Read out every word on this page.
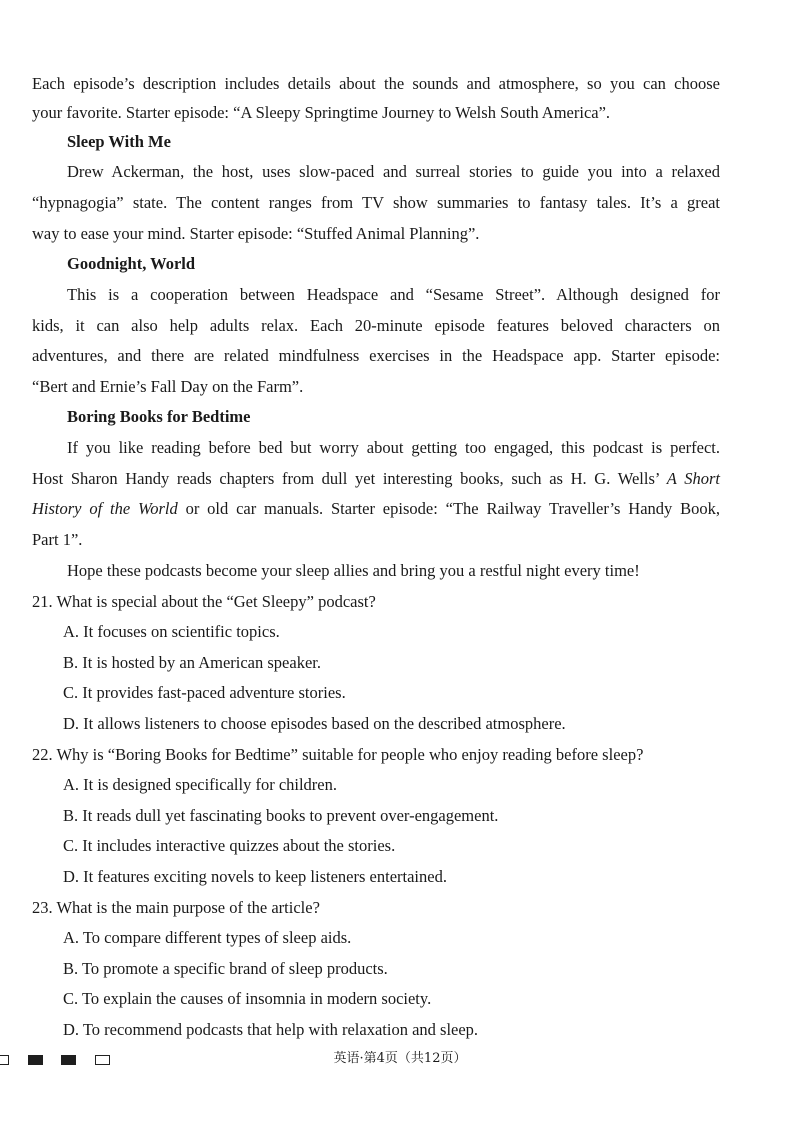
Each episode’s description includes details about the sounds and atmosphere, so you can choose
your favorite. Starter episode: “A Sleepy Springtime Journey to Welsh South America”.
Sleep With Me
Drew Ackerman, the host, uses slow-paced and surreal stories to guide you into a relaxed
“hypnagogia” state. The content ranges from TV show summaries to fantasy tales. It’s a great
way to ease your mind. Starter episode: “Stuffed Animal Planning”.
Goodnight, World
This is a cooperation between Headspace and “Sesame Street”. Although designed for
kids, it can also help adults relax. Each 20-minute episode features beloved characters on
adventures, and there are related mindfulness exercises in the Headspace app. Starter episode:
“Bert and Ernie’s Fall Day on the Farm”.
Boring Books for Bedtime
If you like reading before bed but worry about getting too engaged, this podcast is perfect.
Host Sharon Handy reads chapters from dull yet interesting books, such as H. G. Wells’ A Short
History of the World or old car manuals. Starter episode: “The Railway Traveller’s Handy Book,
Part 1”.
Hope these podcasts become your sleep allies and bring you a restful night every time!
21. What is special about the “Get Sleepy” podcast?
A. It focuses on scientific topics.
B. It is hosted by an American speaker.
C. It provides fast-paced adventure stories.
D. It allows listeners to choose episodes based on the described atmosphere.
22. Why is “Boring Books for Bedtime” suitable for people who enjoy reading before sleep?
A. It is designed specifically for children.
B. It reads dull yet fascinating books to prevent over-engagement.
C. It includes interactive quizzes about the stories.
D. It features exciting novels to keep listeners entertained.
23. What is the main purpose of the article?
A. To compare different types of sleep aids.
B. To promote a specific brand of sleep products.
C. To explain the causes of insomnia in modern society.
D. To recommend podcasts that help with relaxation and sleep.
英语·第4页（共12页）
